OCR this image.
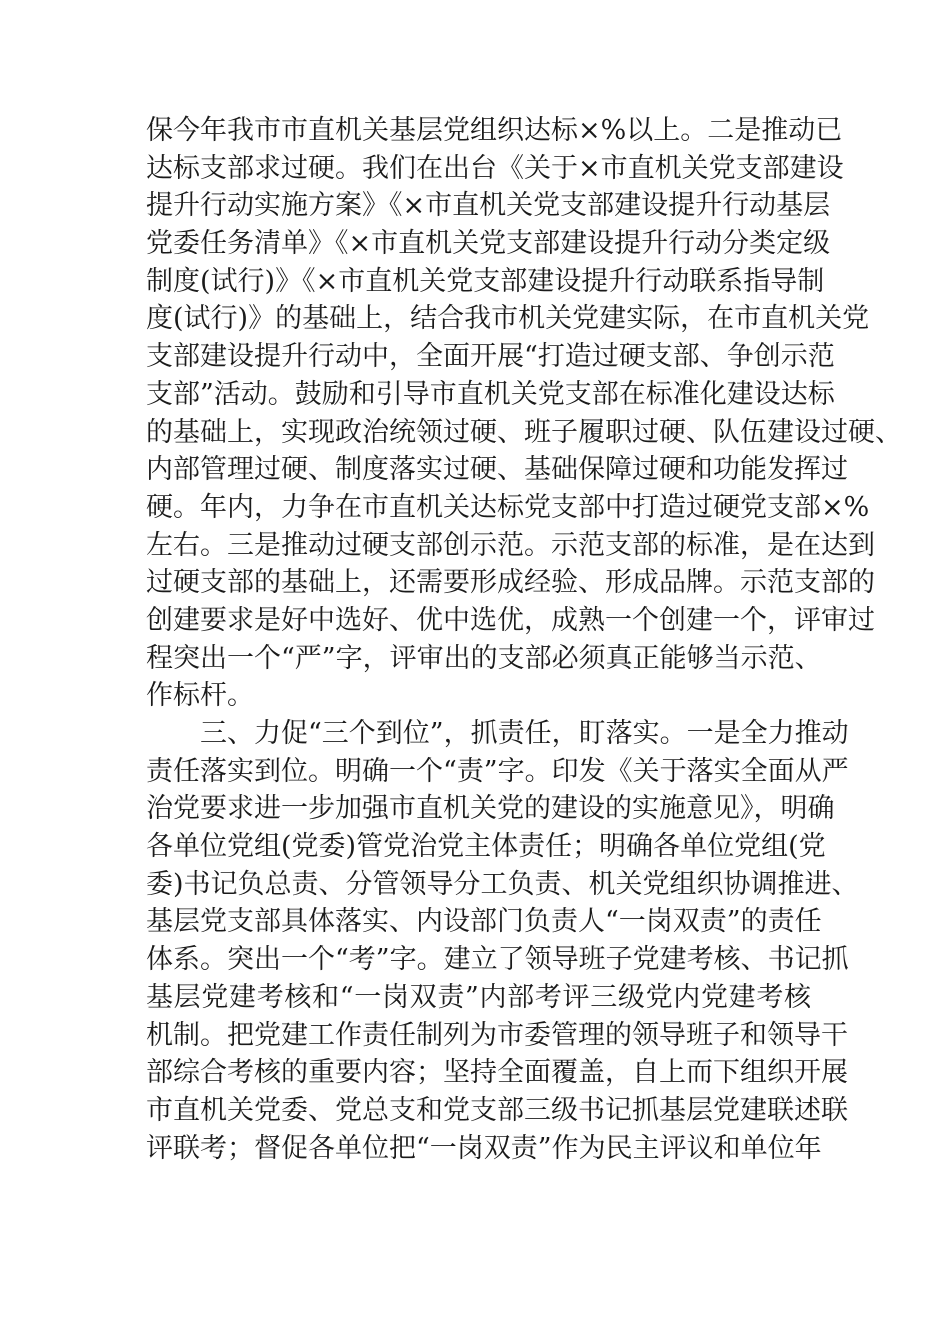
保今年我市市直机关基层党组织达标×%以上。二是推动已
达标支部求过硬。我们在出台《关于×市直机关党支部建设
提升行动实施方案》《×市直机关党支部建设提升行动基层
党委任务清单》《×市直机关党支部建设提升行动分类定级
制度(试行)》《×市直机关党支部建设提升行动联系指导制
度(试行)》的基础上，结合我市机关党建实际，在市直机关党
支部建设提升行动中，全面开展“打造过硬支部、争创示范
支部”活动。鼓励和引导市直机关党支部在标准化建设达标
的基础上，实现政治统领过硬、班子履职过硬、队伍建设过硬、
内部管理过硬、制度落实过硬、基础保障过硬和功能发挥过
硬。年内，力争在市直机关达标党支部中打造过硬党支部×%
左右。三是推动过硬支部创示范。示范支部的标准，是在达到
过硬支部的基础上，还需要形成经验、形成品牌。示范支部的
创建要求是好中选好、优中选优，成熟一个创建一个，评审过
程突出一个“严”字，评审出的支部必须真正能够当示范、
作标杆。
三、力促“三个到位”，抓责任，盯落实。一是全力推动
责任落实到位。明确一个“责”字。印发《关于落实全面从严
治党要求进一步加强市直机关党的建设的实施意见》，明确
各单位党组(党委)管党治党主体责任；明确各单位党组(党
委)书记负总责、分管领导分工负责、机关党组织协调推进、
基层党支部具体落实、内设部门负责人“一岗双责”的责任
体系。突出一个“考”字。建立了领导班子党建考核、书记抓
基层党建考核和“一岗双责”内部考评三级党内党建考核
机制。把党建工作责任制列为市委管理的领导班子和领导干
部综合考核的重要内容；坚持全面覆盖，自上而下组织开展
市直机关党委、党总支和党支部三级书记抓基层党建联述联
评联考；督促各单位把“一岗双责”作为民主评议和单位年
